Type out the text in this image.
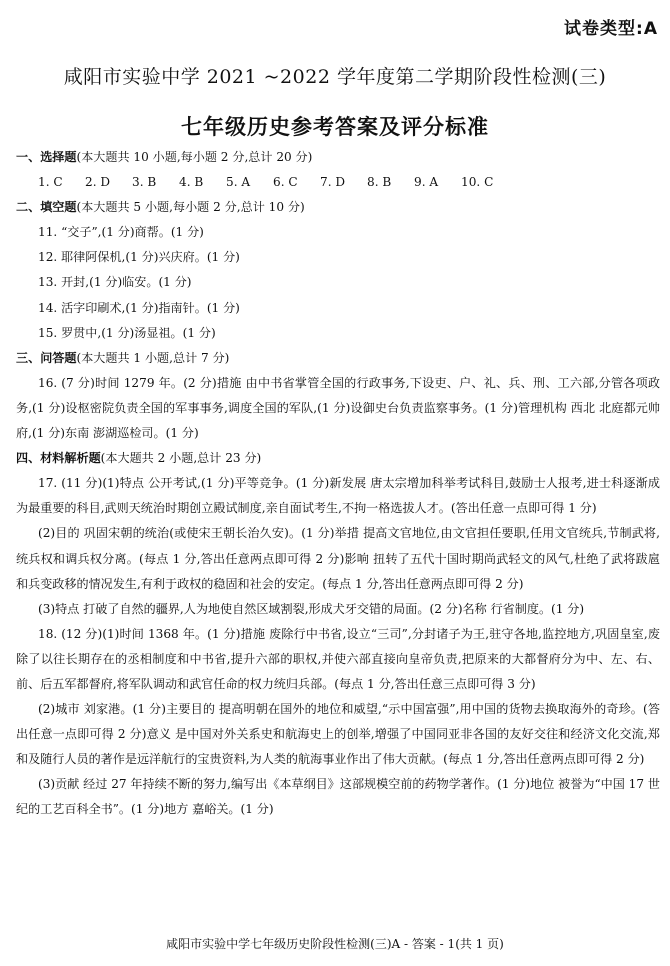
试卷类型:A
咸阳市实验中学 2021 ~2022 学年度第二学期阶段性检测(三)
七年级历史参考答案及评分标准
一、选择题(本大题共 10 小题,每小题 2 分,总计 20 分)
1. C	2. D	3. B	4. B	5. A	6. C	7. D	8. B	9. A	10. C
二、填空题(本大题共 5 小题,每小题 2 分,总计 10 分)
11. “交子”,(1 分)商帮。(1 分)
12. 耶律阿保机,(1 分)兴庆府。(1 分)
13. 开封,(1 分)临安。(1 分)
14. 活字印刷术,(1 分)指南针。(1 分)
15. 罗贯中,(1 分)汤显祖。(1 分)
三、问答题(本大题共 1 小题,总计 7 分)
16. (7 分)时间 1279 年。(2 分)措施 由中书省掌管全国的行政事务,下设吏、户、礼、兵、刑、工六部,分管各项政务,(1 分)设枢密院负责全国的军事事务,调度全国的军队,(1 分)设御史台负责监察事务。(1 分)管理机构 西北 北庭都元帅府,(1 分)东南 澎湖巡检司。(1 分)
四、材料解析题(本大题共 2 小题,总计 23 分)
17. (11 分)(1)特点 公开考试,(1 分)平等竞争。(1 分)新发展 唐太宗增加科举考试科目,鼓励士人报考,进士科逐渐成为最重要的科目,武则天统治时期创立殿试制度,亲自面试考生,不拘一格选拔人才。(答出任意一点即可得 1 分)
(2)目的 巩固宋朝的统治(或使宋王朝长治久安)。(1 分)举措 提高文官地位,由文官担任要职,任用文官统兵,节制武将,统兵权和调兵权分离。(每点 1 分,答出任意两点即可得 2 分)影响 扭转了五代十国时期尚武轻文的风气,杜绝了武将跋扈和兵变政移的情况发生,有利于政权的稳固和社会的安定。(每点 1 分,答出任意两点即可得 2 分)
(3)特点 打破了自然的疆界,人为地使自然区域割裂,形成犬牙交错的局面。(2 分)名称 行省制度。(1 分)
18. (12 分)(1)时间 1368 年。(1 分)措施 废除行中书省,设立“三司”,分封诸子为王,驻守各地,监控地方,巩固皇室,废除了以往长期存在的丞相制度和中书省,提升六部的职权,并使六部直接向皇帝负责,把原来的大都督府分为中、左、右、前、后五军都督府,将军队调动和武官任命的权力统归兵部。(每点 1 分,答出任意三点即可得 3 分)
(2)城市 刘家港。(1 分)主要目的 提高明朝在国外的地位和威望,“示中国富强”,用中国的货物去换取海外的奇珍。(答出任意一点即可得 2 分)意义 是中国对外关系史和航海史上的创举,增强了中国同亚非各国的友好交往和经济文化交流,郑和及随行人员的著作是远洋航行的宝贵资料,为人类的航海事业作出了伟大贡献。(每点 1 分,答出任意两点即可得 2 分)
(3)贡献 经过 27 年持续不断的努力,编写出《本草纲目》这部规模空前的药物学著作。(1 分)地位 被誉为“中国 17 世纪的工艺百科全书”。(1 分)地方 嘉峪关。(1 分)
咸阳市实验中学七年级历史阶段性检测(三)A - 答案 - 1(共 1 页)
